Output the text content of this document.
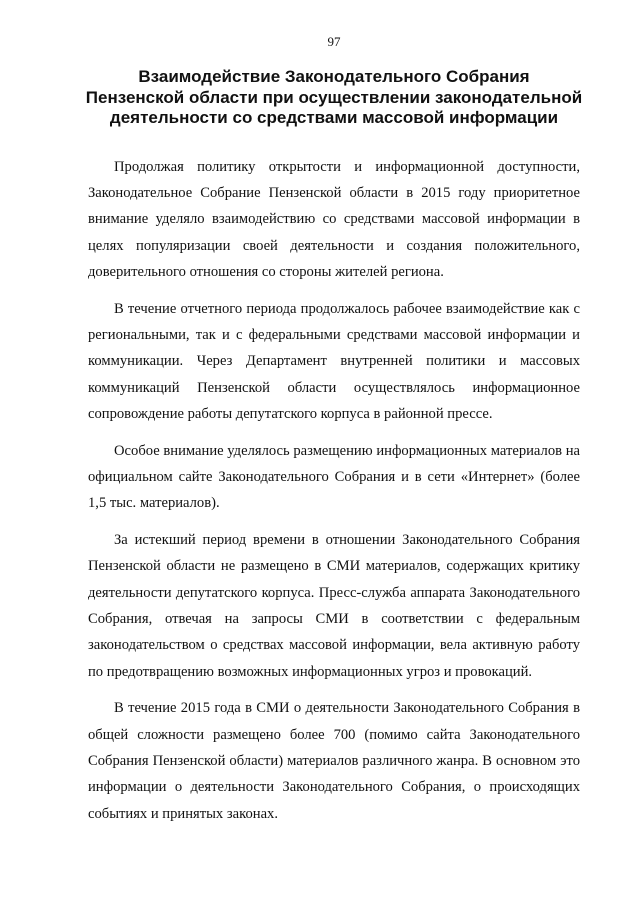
97
Взаимодействие Законодательного Собрания
Пензенской области при осуществлении законодательной
деятельности со средствами массовой информации

Продолжая политику открытости и информационной доступности, Законодательное Собрание Пензенской области в 2015 году приоритетное внимание уделяло взаимодействию со средствами массовой информации в целях популяризации своей деятельности и создания положительного, доверительного отношения со стороны жителей региона.

В течение отчетного периода продолжалось рабочее взаимодействие как с региональными, так и с федеральными средствами массовой информации и коммуникации. Через Департамент внутренней политики и массовых коммуникаций Пензенской области осуществлялось информационное сопровождение работы депутатского корпуса в районной прессе.

Особое внимание уделялось размещению информационных материалов на официальном сайте Законодательного Собрания и в сети «Интернет» (более 1,5 тыс. материалов).

За истекший период времени в отношении Законодательного Собрания Пензенской области не размещено в СМИ материалов, содержащих критику деятельности депутатского корпуса. Пресс-служба аппарата Законодательного Собрания, отвечая на запросы СМИ в соответствии с федеральным законодательством о средствах массовой информации, вела активную работу по предотвращению возможных информационных угроз и провокаций.

В течение 2015 года в СМИ о деятельности Законодательного Собрания в общей сложности размещено более 700 (помимо сайта Законодательного Собрания Пензенской области) материалов различного жанра. В основном это информации о деятельности Законодательного Собрания, о происходящих событиях и принятых законах.
